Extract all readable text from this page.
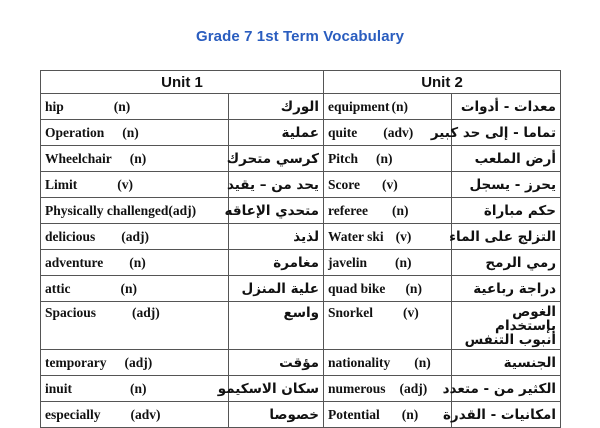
Grade 7 1st Term Vocabulary
Unit 1		Unit 2	
hip (n)	الورك	equipment (n)	معدات - أدوات
Operation (n)	عملية	quite (adv)	تماما - إلى حد كبير
Wheelchair (n)	كرسي متحرك	Pitch (n)	أرض الملعب
Limit (v)	يحد من – يقيد	Score (v)	يحرز - يسجل
Physically challenged(adj)	متحدي الإعاقه	referee (n)	حكم مباراة
delicious (adj)	لذيذ	Water ski (v)	التزلج على الماء
adventure (n)	مغامرة	javelin (n)	رمي الرمح
attic (n)	علية المنزل	quad bike (n)	دراجة رباعية
Spacious (adj)	واسع	Snorkel (v)	الغوص بإستخدام أنبوب التنفس
temporary (adj)	مؤقت	nationality (n)	الجنسية
inuit (n)	سكان الاسكيمو	numerous (adj)	الكثير من - متعدد
especially (adv)	خصوصا	Potential (n)	امكانيات - القدرة
